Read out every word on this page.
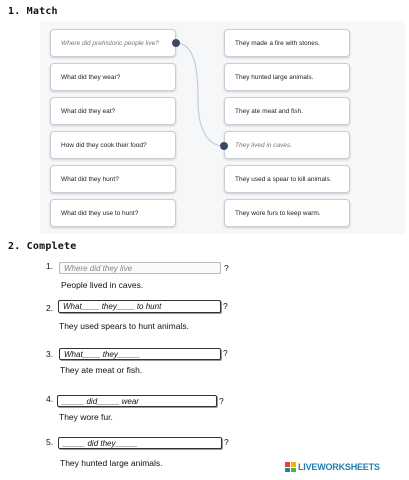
1. Match
Where did prehistoric people live?
What did they wear?
What did they eat?
How did they cook their food?
What did they hunt?
What did they use to hunt?
They made a fire with stones.
They hunted large animals.
They ate meat and fish.
They lived in caves.
They used a spear to kill animals.
They wore furs to keep warm.
2. Complete
1.	Where did they live	?
People lived in caves.
2.	What____ they____ to hunt	?
They used spears to hunt animals.
3.	What____ they_____	?
They ate meat or fish.
4.	_____ did_____ wear	?
They wore fur.
5.	_____ did they_____	?
They hunted large animals.	LIVEWORKSHEETS
